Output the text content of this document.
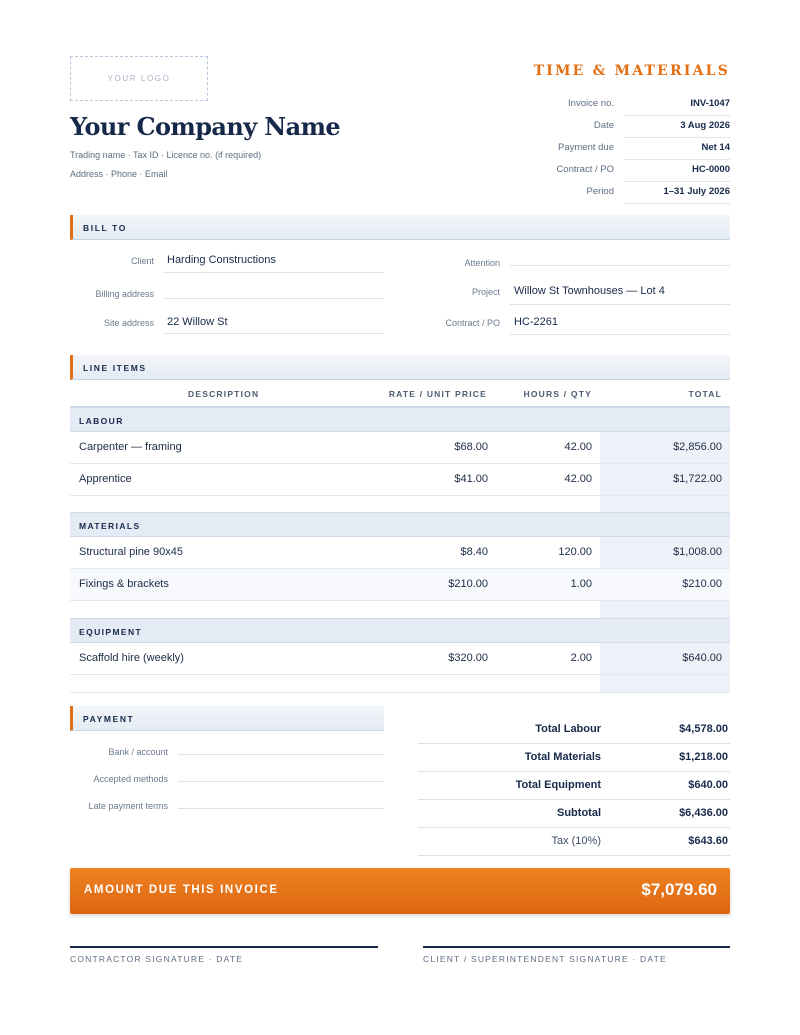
YOUR LOGO
Your Company Name
Trading name · Tax ID · Licence no. (if required)
Address · Phone · Email
TIME & MATERIALS
Invoice no.	INV-1047
Date	3 Aug 2026
Payment due	Net 14
Contract / PO	HC-0000
Period	1–31 July 2026
BILL TO
Client Harding Constructions
Billing address
Site address 22 Willow St
Attention
Project Willow St Townhouses — Lot 4
Contract / PO HC-2261
LINE ITEMS
DESCRIPTION	RATE / UNIT PRICE	HOURS / QTY	TOTAL
LABOUR
Carpenter — framing	$68.00	42.00	$2,856.00
Apprentice	$41.00	42.00	$1,722.00
MATERIALS
Structural pine 90x45	$8.40	120.00	$1,008.00
Fixings & brackets	$210.00	1.00	$210.00
EQUIPMENT
Scaffold hire (weekly)	$320.00	2.00	$640.00
PAYMENT
Bank / account
Accepted methods
Late payment terms
Total Labour	$4,578.00
Total Materials	$1,218.00
Total Equipment	$640.00
Subtotal	$6,436.00
Tax (10%)	$643.60
AMOUNT DUE THIS INVOICE	$7,079.60
CONTRACTOR SIGNATURE · DATE	CLIENT / SUPERINTENDENT SIGNATURE · DATE
